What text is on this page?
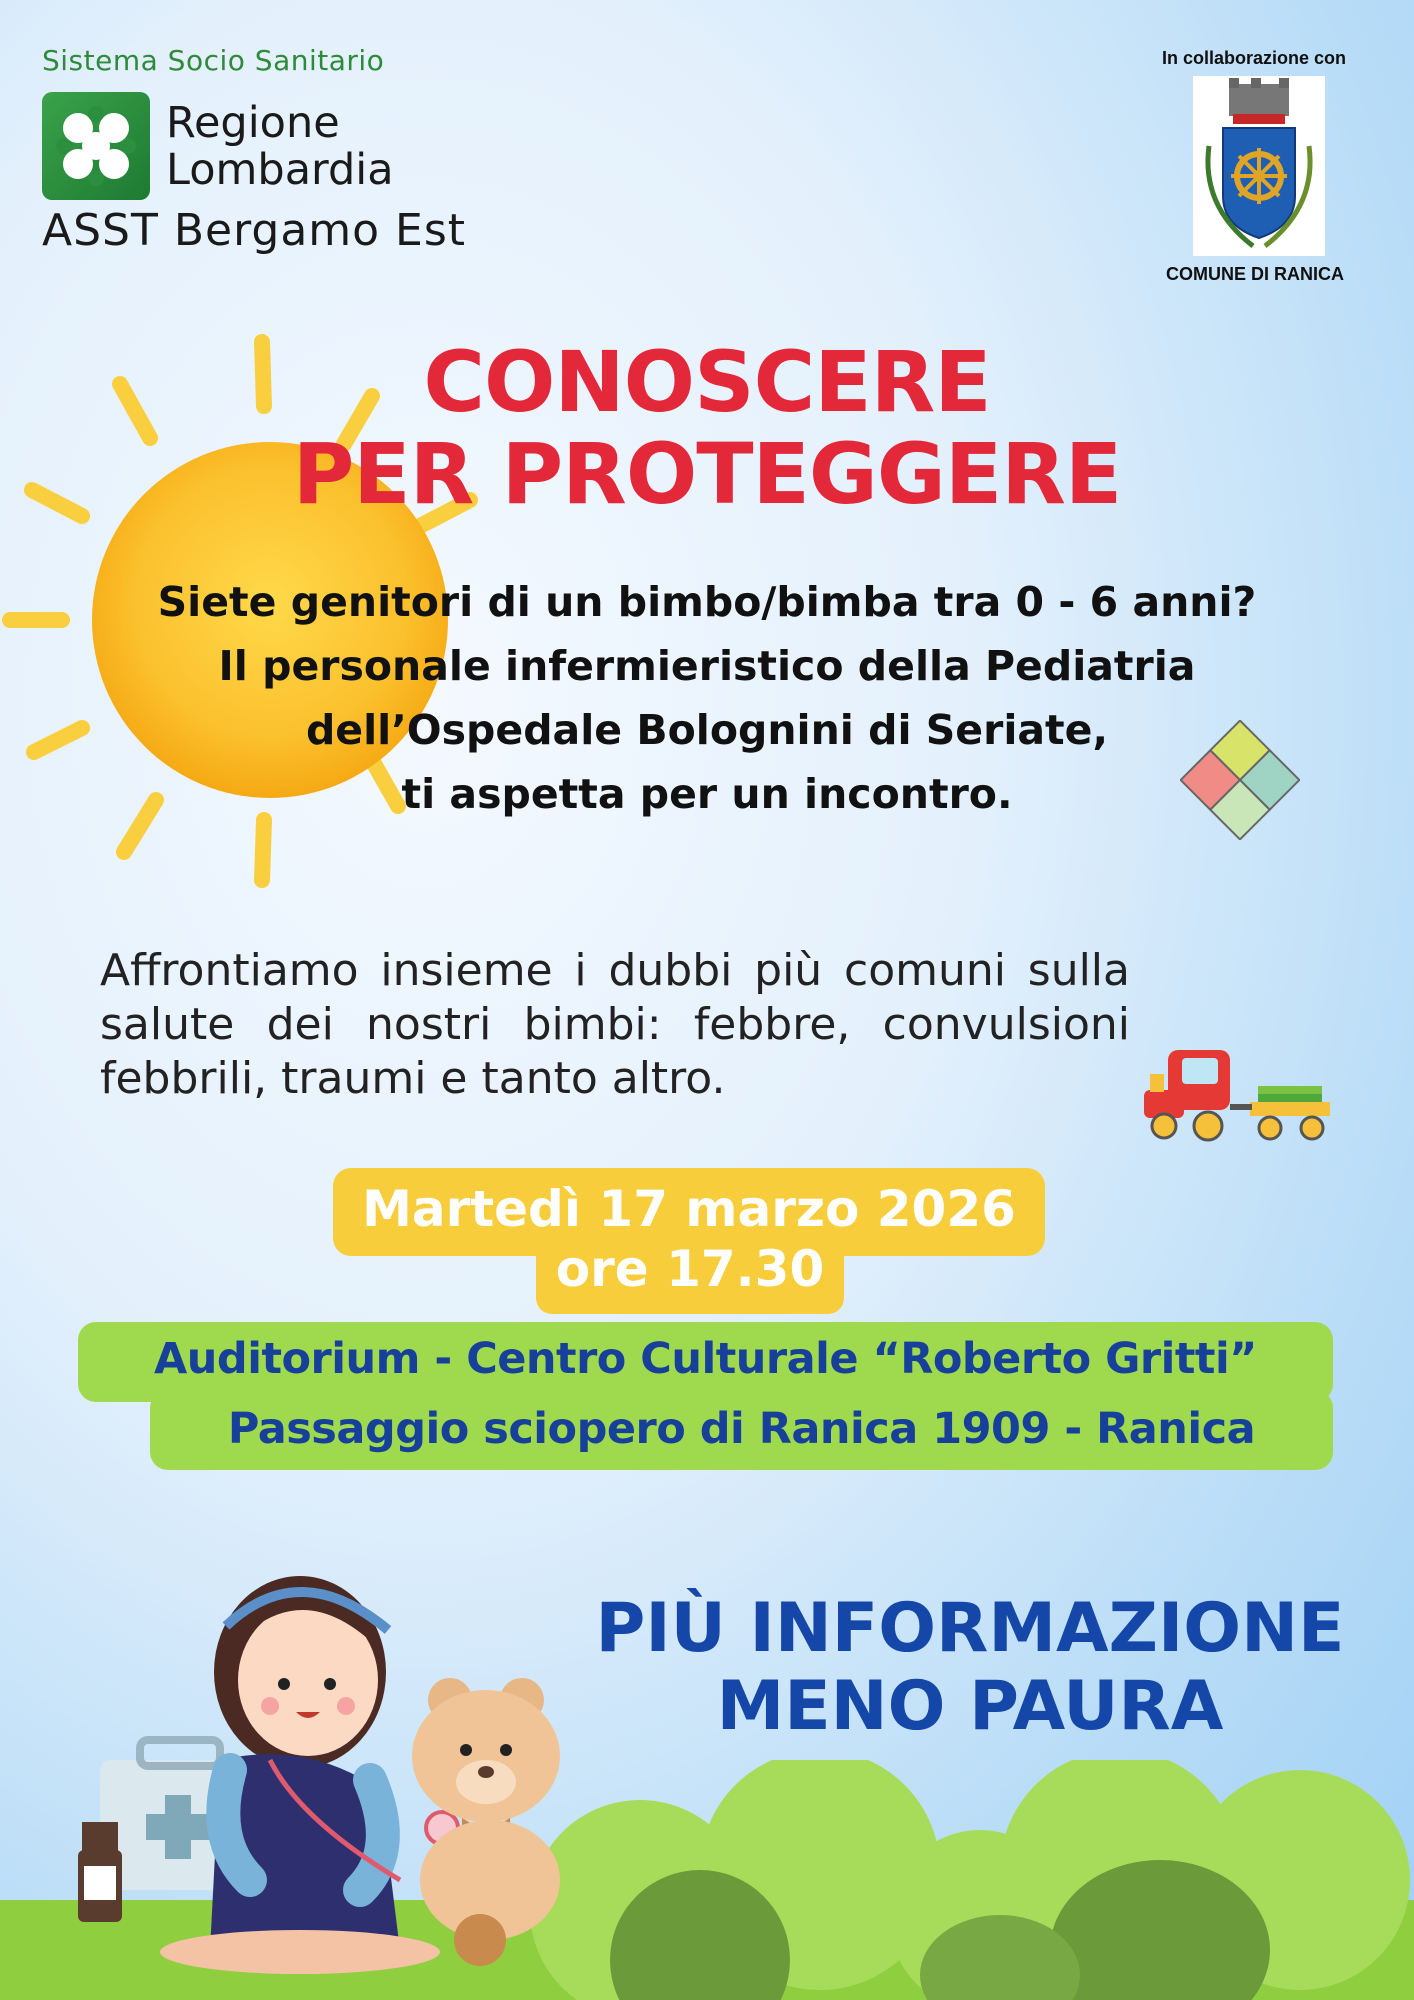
Sistema Socio Sanitario
Regione
Lombardia
ASST Bergamo Est
In collaborazione con
COMUNE DI RANICA
CONOSCERE
PER PROTEGGERE
Siete genitori di un bimbo/bimba tra 0 - 6 anni?
Il personale infermieristico della Pediatria
dell’Ospedale Bolognini di Seriate,
ti aspetta per un incontro.
Affrontiamo insieme i dubbi più comuni sulla salute dei nostri bimbi: febbre, convulsioni febbrili, traumi e tanto altro.
Martedì 17 marzo 2026
ore 17.30
Auditorium - Centro Culturale “Roberto Gritti”
Passaggio sciopero di Ranica 1909 - Ranica
PIÙ INFORMAZIONE
MENO PAURA
